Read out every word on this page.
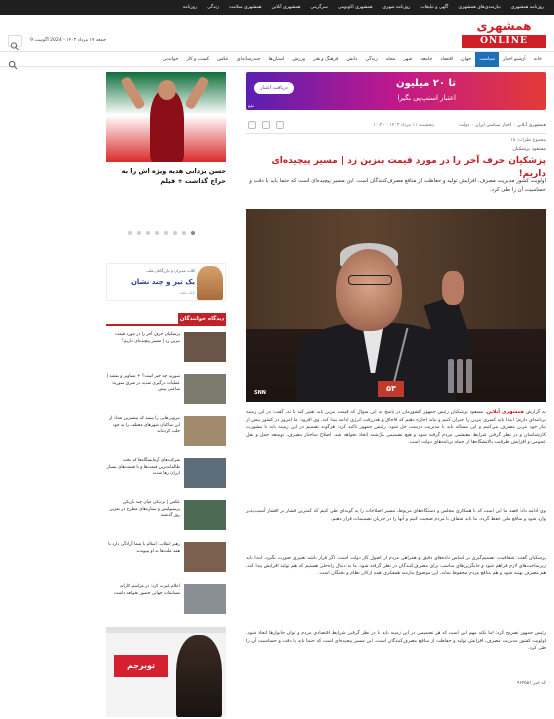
روزنامه همشهری
نیازمندی‌های همشهری
آگهی و تبلیغات
روزنامه شهری
همشهری اکونومی
سرگرمی
همشهری آنلاین
همشهری سلامت
زندگی
روزنامه
همشهری
ONLINE
جمعه ۱۷ مرداد ۱۴۰۳ - 2024 آگوست 9
خانه
آرشیو اخبار
سیاست
جهان
اقتصاد
جامعه
شهر
محله
زندگی
دانش
فرهنگ و هنر
ورزش
استان‌ها
چندرسانه‌ای
عکس
کسب و کار
خواندنی
تا ۲۰ میلیون
اعتبار اسنپ‌پی بگیرا
دریافت اعتبار
تبلیغ
همشهری آنلاین›اخبار سیاسی ایران›دولت
پنجشنبه ۱۱ مرداد ۱۴۰۳ - ۱۰:۳۰
مجموع نظرات: ۱۸
مسعود پزشکیان
پزشکیان حرف آخر را در مورد قیمت بنزین زد | مسیر پیچیده‌ای داریم!
اولویت کشور مدیریت مصرف، افزایش تولید و حفاظت از منافع مصرف‌کنندگان است. این مسیر پیچیده‌ای است که حتما باید با دقت و حساسیت آن را طی کرد.
۵۳
SNN
به گزارش همشهری آنلاین، مسعود پزشکیان رئیس جمهور کشورمان در پاسخ به این سوال که قیمت بنزین باید تغییر کند یا نه، گفت: در این زمینه برنامه‌ای داریم؛ ابتدا باید کسری بنزین را جبران کنیم و نباید اجازه دهیم که قاچاق و هدررفت انرژی ادامه پیدا کند. وی افزود: ما امروز در کشور بیش از نیاز خود بنزین مصرف می‌کنیم و این مساله باید با مدیریت درست حل شود. رئیس جمهور تاکید کرد: هرگونه تصمیم در این زمینه باید با مشورت کارشناسان و در نظر گرفتن شرایط معیشتی مردم گرفته شود و هیچ تصمیمی یک‌شبه اتخاذ نخواهد شد. اصلاح ساختار مصرف، توسعه حمل و نقل عمومی و افزایش ظرفیت پالایشگاه‌ها از جمله برنامه‌های دولت است.
وی ادامه داد: قصد ما این است که با همکاری مجلس و دستگاه‌های مربوط، مسیر اصلاحات را به گونه‌ای طی کنیم که کمترین فشار بر اقشار آسیب‌پذیر وارد شود و منافع ملی حفظ گردد. ما باید شفاف با مردم صحبت کنیم و آنها را در جریان تصمیمات قرار دهیم.
پزشکیان گفت: شفافیت، تصمیم‌گیری بر اساس داده‌های دقیق و همراهی مردم از اصول کار دولت است. اگر قرار باشد تغییری صورت بگیرد، ابتدا باید زیرساخت‌های لازم فراهم شود و جایگزین‌های مناسب برای مصرف‌کنندگان در نظر گرفته شود. ما به دنبال راه‌حلی هستیم که هم تولید افزایش پیدا کند، هم مصرف بهینه شود و هم منافع مردم محفوظ بماند. این موضوع نیازمند همفکری همه ارکان نظام و نخبگان است.
رئیس جمهور تصریح کرد: اما نکته مهم این است که هر تصمیمی در این زمینه باید با در نظر گرفتن شرایط اقتصادی مردم و توان خانوارها اتخاذ شود. اولویت کشور مدیریت مصرف، افزایش تولید و حفاظت از منافع مصرف‌کنندگان است. این مسیر پیچیده‌ای است که حتما باید با دقت و حساسیت آن را طی کرد.
کد خبر ۹۶۴۵۵۱
حسن یزدانی هدیه ویژه اش را به حراج گذاشت + فیلم
کلاب مدیران و بازرگانان ملت
یک تیر و چند نشان
بانک ملت
دیدگاه خوانندگان
پزشکیان حرف آخر را در مورد قیمت بنزین زد | مسیر پیچیده‌ای داریم!
سوریه چه خبر است؟ + تصاویر و نقشه | عملیات درگیری شدید در شرق سوریه؛ ساعتی پیش
نیرویی‌هایی را ببینید که بیشترین تعداد از این ساکنان شهرهای مختلف را به خود جلب کرده‌اند
شرکت‌های آزمایشگاه‌ها که تحت ظالمانه‌ترین قیمت‌ها و با قیمت‌های بسیار ارزان رها شدند
عکس | نزدیکی میان چند بازیکن پرسپولیس و ستاره‌های مطرح در تمرین روز گذشته
رهبر انقلاب: اسلام با شما آزادگی دارد تا همه ملت‌ها به او بپیوندند
اعلام غیرت کرد: در مراسم کاراته مسابقات جهانی حضور نخواهد داشت
توبرجم
